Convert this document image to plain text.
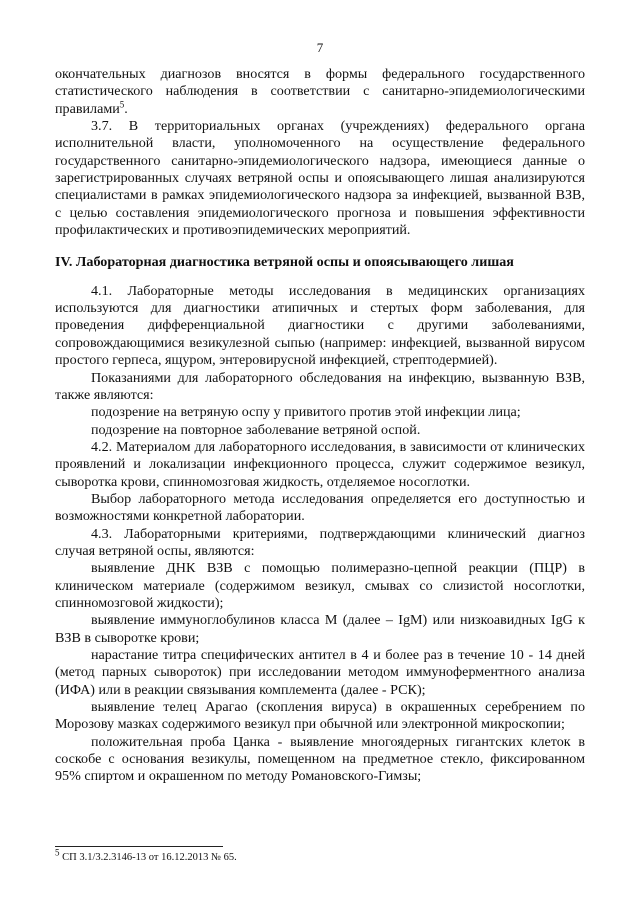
7

окончательных диагнозов вносятся в формы федерального государственного статистического наблюдения в соответствии с санитарно-эпидемиологическими правилами$^5$.

3.7. В территориальных органах (учреждениях) федерального органа исполнительной власти, уполномоченного на осуществление федерального государственного санитарно-эпидемиологического надзора, имеющиеся данные о зарегистрированных случаях ветряной оспы и опоясывающего лишая анализируются специалистами в рамках эпидемиологического надзора за инфекцией, вызванной ВЗВ, с целью составления эпидемиологического прогноза и повышения эффективности профилактических и противоэпидемических мероприятий.

IV. Лабораторная диагностика ветряной оспы и опоясывающего лишая

4.1. Лабораторные методы исследования в медицинских организациях используются для диагностики атипичных и стертых форм заболевания, для проведения дифференциальной диагностики с другими заболеваниями, сопровождающимися везикулезной сыпью (например: инфекцией, вызванной вирусом простого герпеса, ящуром, энтеровирусной инфекцией, стрептодермией).

Показаниями для лабораторного обследования на инфекцию, вызванную ВЗВ, также являются:

подозрение на ветряную оспу у привитого против этой инфекции лица;

подозрение на повторное заболевание ветряной оспой.

4.2. Материалом для лабораторного исследования, в зависимости от клинических проявлений и локализации инфекционного процесса, служит содержимое везикул, сыворотка крови, спинномозговая жидкость, отделяемое носоглотки.

Выбор лабораторного метода исследования определяется его доступностью и возможностями конкретной лаборатории.

4.3. Лабораторными критериями, подтверждающими клинический диагноз случая ветряной оспы, являются:

выявление ДНК ВЗВ с помощью полимеразно-цепной реакции (ПЦР) в клиническом материале (содержимом везикул, смывах со слизистой носоглотки, спинномозговой жидкости);

выявление иммуноглобулинов класса М (далее – IgM) или низкоавидных IgG к ВЗВ в сыворотке крови;

нарастание титра специфических антител в 4 и более раз в течение 10 - 14 дней (метод парных сывороток) при исследовании методом иммуноферментного анализа (ИФА) или в реакции связывания комплемента (далее - РСК);

выявление телец Арагао (скопления вируса) в окрашенных серебрением по Морозову мазках содержимого везикул при обычной или электронной микроскопии;

положительная проба Цанка - выявление многоядерных гигантских клеток в соскобе с основания везикулы, помещенном на предметное стекло, фиксированном 95% спиртом и окрашенном по методу Романовского-Гимзы;

$^5$ СП 3.1/3.2.3146-13 от 16.12.2013 № 65.
